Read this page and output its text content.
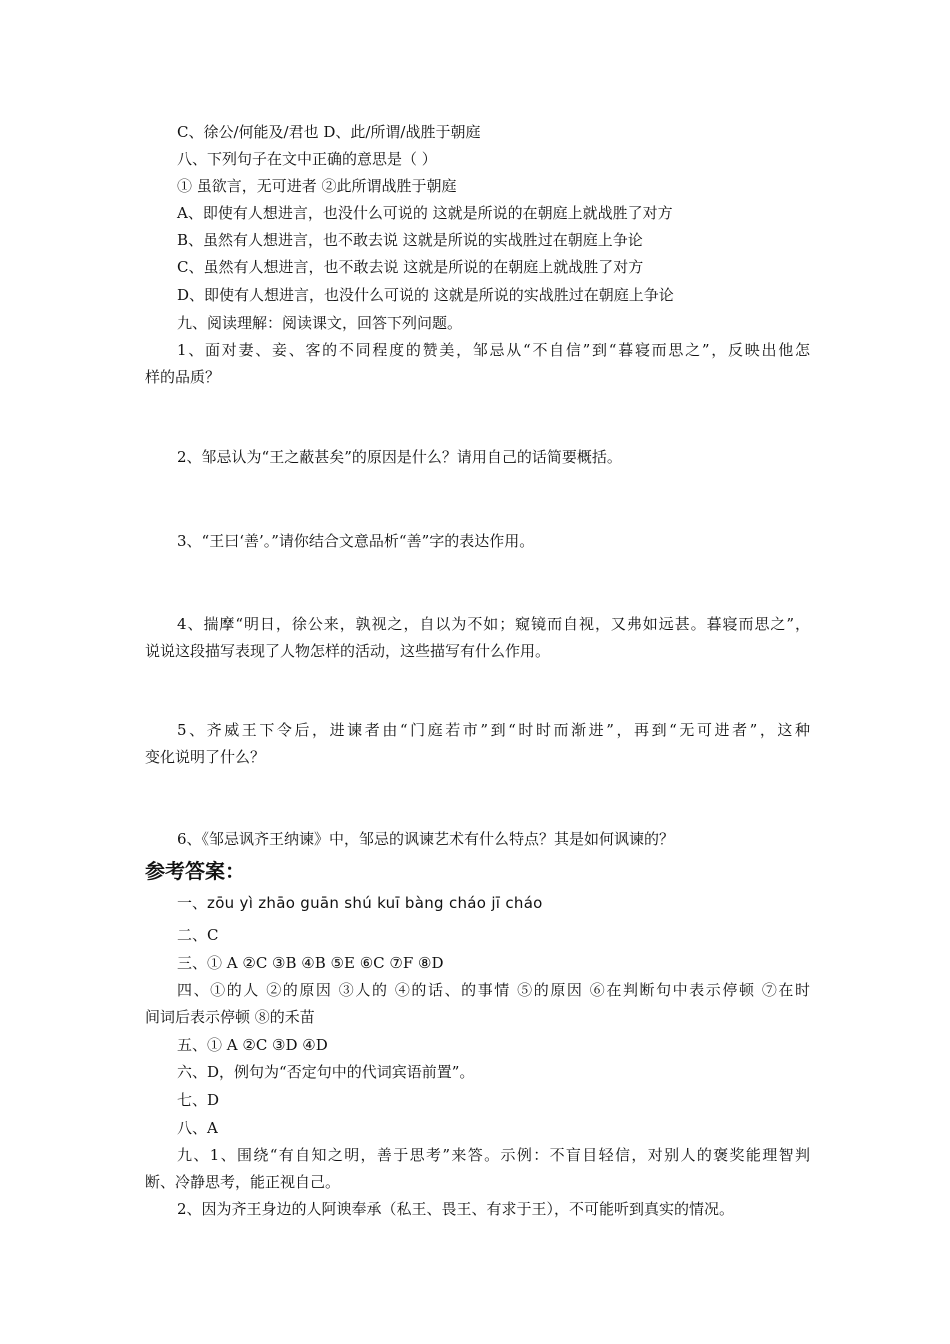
C、徐公/何能及/君也 D、此/所谓/战胜于朝庭
八、下列句子在文中正确的意思是（ ）
① 虽欲言，无可进者 ②此所谓战胜于朝庭
A、即使有人想进言，也没什么可说的 这就是所说的在朝庭上就战胜了对方
B、虽然有人想进言，也不敢去说 这就是所说的实战胜过在朝庭上争论
C、虽然有人想进言，也不敢去说 这就是所说的在朝庭上就战胜了对方
D、即使有人想进言，也没什么可说的 这就是所说的实战胜过在朝庭上争论
九、阅读理解：阅读课文，回答下列问题。
1、面对妻、妾、客的不同程度的赞美，邹忌从“不自信”到“暮寝而思之”，反映出他怎
样的品质？
2、邹忌认为“王之蔽甚矣”的原因是什么？请用自己的话简要概括。
3、“王曰‘善’。”请你结合文意品析“善”字的表达作用。
4、揣摩“明日，徐公来，孰视之，自以为不如；窥镜而自视，又弗如远甚。暮寝而思之”，
说说这段描写表现了人物怎样的活动，这些描写有什么作用。
5、齐威王下令后，进谏者由“门庭若市”到“时时而渐进”，再到“无可进者”，这种
变化说明了什么？
6、《邹忌讽齐王纳谏》中，邹忌的讽谏艺术有什么特点？其是如何讽谏的？
参考答案：
一、zōu yì zhāo guān shú kuī bàng cháo jī cháo
二、C
三、① A ②C ③B ④B ⑤E ⑥C ⑦F ⑧D
四、①的人 ②的原因 ③人的 ④的话、的事情 ⑤的原因 ⑥在判断句中表示停顿 ⑦在时
间词后表示停顿 ⑧的禾苗
五、① A ②C ③D ④D
六、D，例句为“否定句中的代词宾语前置”。
七、D
八、A
九、1、围绕“有自知之明，善于思考”来答。示例：不盲目轻信，对别人的褒奖能理智判
断、冷静思考，能正视自己。
2、因为齐王身边的人阿谀奉承（私王、畏王、有求于王），不可能听到真实的情况。
